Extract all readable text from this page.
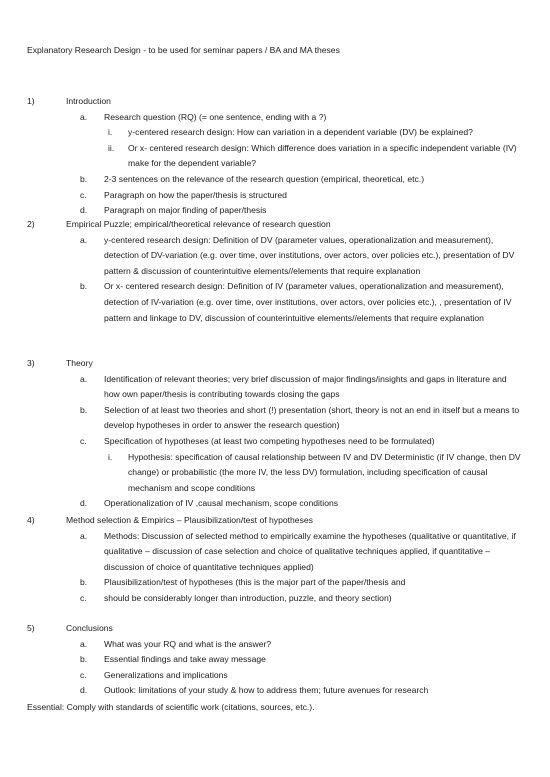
Explanatory Research Design - to be used for seminar papers / BA and MA theses
1)	Introduction
a.	Research question (RQ) (= one sentence, ending with a ?)
i.	y-centered research design: How can variation in a dependent variable (DV) be explained?
ii.	Or x- centered research design: Which difference does variation in a specific independent variable (IV) make for the dependent variable?
b.	2-3 sentences on the relevance of the research question (empirical, theoretical, etc.)
c.	Paragraph on how the paper/thesis is structured
d.	Paragraph on major finding of paper/thesis
2)	Empirical Puzzle; empirical/theoretical relevance of research question
a.	y-centered research design: Definition of DV (parameter values, operationalization and measurement), detection of DV-variation (e.g. over time, over institutions, over actors, over policies etc.), presentation of DV pattern & discussion of counterintuitive elements//elements that require explanation
b.	Or x- centered research design: Definition of IV (parameter values, operationalization and measurement), detection of IV-variation (e.g. over time, over institutions, over actors, over policies etc.), , presentation of IV pattern and linkage to DV, discussion of counterintuitive elements//elements that require explanation
3)	Theory
a.	Identification of relevant theories; very brief discussion of major findings/insights and gaps in literature and how own paper/thesis is contributing towards closing the gaps
b.	Selection of at least two theories and short (!) presentation (short, theory is not an end in itself but a means to develop hypotheses in order to answer the research question)
c.	Specification of hypotheses (at least two competing hypotheses need to be formulated)
i.	Hypothesis: specification of causal relationship between IV and DV Deterministic (if IV change, then DV change) or probabilistic (the more IV, the less DV) formulation, including specification of causal mechanism and scope conditions
d.	Operationalization of IV ,causal mechanism, scope conditions
4)	Method selection & Empirics – Plausibilization/test of hypotheses
a.	Methods: Discussion of selected method to empirically examine the hypotheses (qualitative or quantitative, if qualitative – discussion of case selection and choice of qualitative techniques applied, if quantitative – discussion of choice of quantitative techniques applied)
b.	Plausibilization/test of hypotheses (this is the major part of the paper/thesis and
c.	should be considerably longer than introduction, puzzle, and theory section)
5)	Conclusions
a.	What was your RQ and what is the answer?
b.	Essential findings and take away message
c.	Generalizations and implications
d.	Outlook: limitations of your study & how to address them; future avenues for research
Essential: Comply with standards of scientific work (citations, sources, etc.).
